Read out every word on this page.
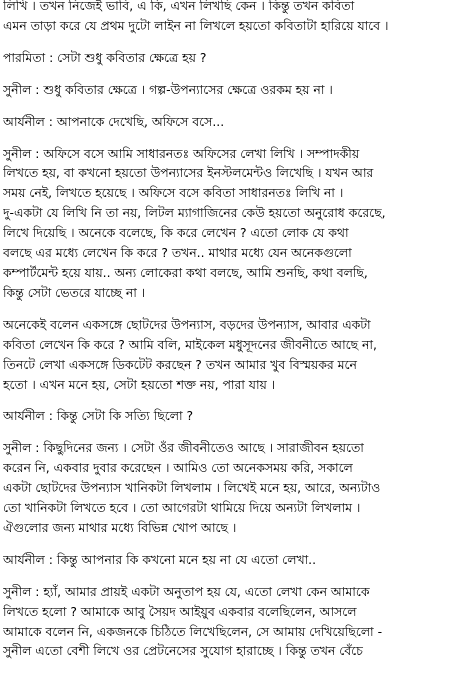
লিখি । তখন নিজেই ভাবি, এ কি, এখন লিখছি কেন । কিন্তু তখন কবিতা
এমন তাড়া করে যে প্রথম দুটো লাইন না লিখলে হয়তো কবিতাটা হারিয়ে যাবে ।
পারমিতা : সেটা শুধু কবিতার ক্ষেত্রে হয় ?
সুনীল : শুধু কবিতার ক্ষেত্রে । গল্প-উপন্যাসের ক্ষেত্রে ওরকম হয় না ।
আর্যনীল : আপনাকে দেখেছি, অফিসে বসে...
সুনীল : অফিসে বসে আমি সাধারনতঃ অফিসের লেখা লিখি । সম্পাদকীয়
লিখতে হয়, বা কখনো হয়তো উপন্যাসের ইনস্টলমেন্টও লিখেছি । যখন আর
সময় নেই, লিখতে হয়েছে । অফিসে বসে কবিতা সাধারনতঃ লিখি না ।
দু-একটা যে লিখি নি তা নয়, লিটল ম্যাগাজিনের কেউ হয়তো অনুরোধ করেছে,
লিখে দিয়েছি । অনেকে বলেছে, কি করে লেখেন ? এতো লোক যে কথা
বলছে এর মধ্যে লেখেন কি করে ? তখন.. মাথার মধ্যে যেন অনেকগুলো
কম্পার্টমেন্ট হয়ে যায়.. অন্য লোকেরা কথা বলছে, আমি শুনছি, কথা বলছি,
কিন্তু সেটা ভেতরে যাচ্ছে না ।
অনেকেই বলেন একসঙ্গে ছোটদের উপন্যাস, বড়দের উপন্যাস, আবার একটা
কবিতা লেখেন কি করে ? আমি বলি, মাইকেল মধুসূদনের জীবনীতে আছে না,
তিনটে লেখা একসঙ্গে ডিকটেট করছেন ? তখন আমার খুব বিস্ময়কর মনে
হতো । এখন মনে হয়, সেটা হয়তো শক্ত নয়, পারা যায় ।
আর্যনীল : কিন্তু সেটা কি সত্যি ছিলো ?
সুনীল : কিছুদিনের জন্য । সেটা ওঁর জীবনীতেও আছে । সারাজীবন হয়তো
করেন নি, একবার দুবার করেছেন । আমিও তো অনেকসময় করি, সকালে
একটা ছোটদের উপন্যাস খানিকটা লিখলাম । লিখেই মনে হয়, আরে, অন্যটাও
তো খানিকটা লিখতে হবে । তো আগেরটা থামিয়ে দিয়ে অন্যটা লিখলাম ।
ঐগুলোর জন্য মাথার মধ্যে বিভিন্ন খোপ আছে ।
আর্যনীল : কিন্তু আপনার কি কখনো মনে হয় না যে এতো লেখা..
সুনীল : হ্যাঁ, আমার প্রায়ই একটা অনুতাপ হয় যে, এতো লেখা কেন আমাকে
লিখতে হলো ? আমাকে আবু সৈয়দ আইয়ুব একবার বলেছিলেন, আসলে
আমাকে বলেন নি, একজনকে চিঠিতে লিখেছিলেন, সে আমায় দেখিয়েছিলো -
সুনীল এতো বেশী লিখে ওর প্রেটনেসের সুযোগ হারাচ্ছে । কিন্তু তখন বেঁচে
